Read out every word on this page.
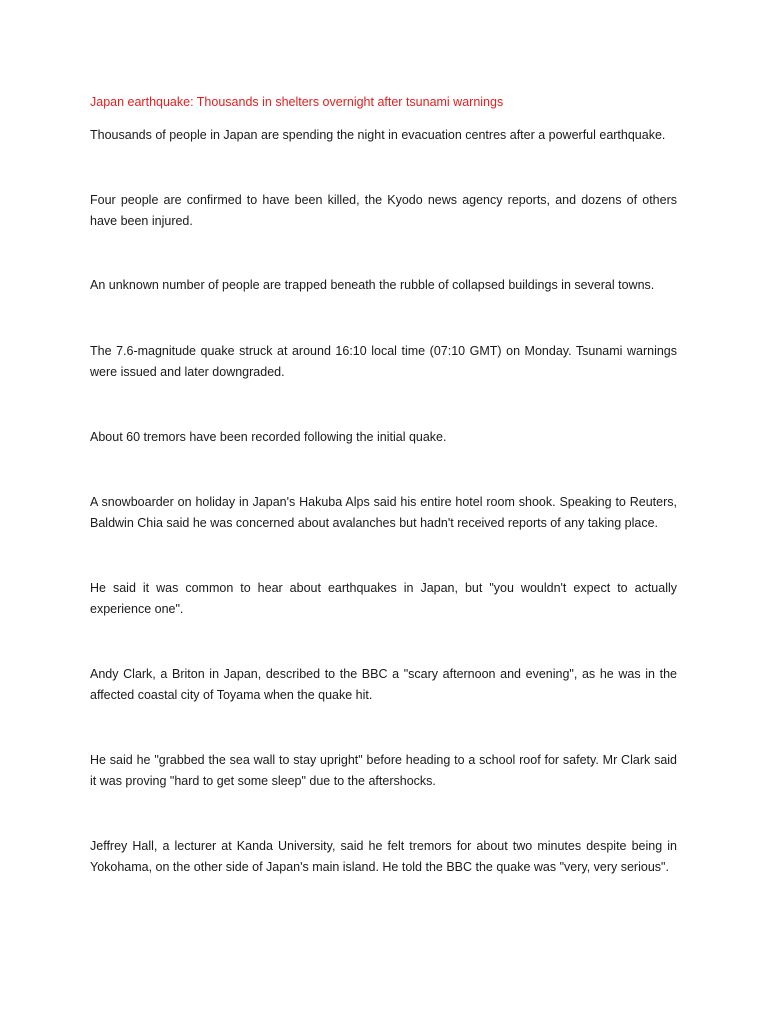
Japan earthquake: Thousands in shelters overnight after tsunami warnings

Thousands of people in Japan are spending the night in evacuation centres after a powerful earthquake.

Four people are confirmed to have been killed, the Kyodo news agency reports, and dozens of others have been injured.

An unknown number of people are trapped beneath the rubble of collapsed buildings in several towns.

The 7.6-magnitude quake struck at around 16:10 local time (07:10 GMT) on Monday. Tsunami warnings were issued and later downgraded.

About 60 tremors have been recorded following the initial quake.

A snowboarder on holiday in Japan's Hakuba Alps said his entire hotel room shook. Speaking to Reuters, Baldwin Chia said he was concerned about avalanches but hadn't received reports of any taking place.

He said it was common to hear about earthquakes in Japan, but "you wouldn't expect to actually experience one".

Andy Clark, a Briton in Japan, described to the BBC a "scary afternoon and evening", as he was in the affected coastal city of Toyama when the quake hit.

He said he "grabbed the sea wall to stay upright" before heading to a school roof for safety. Mr Clark said it was proving "hard to get some sleep" due to the aftershocks.

Jeffrey Hall, a lecturer at Kanda University, said he felt tremors for about two minutes despite being in Yokohama, on the other side of Japan's main island. He told the BBC the quake was "very, very serious".
